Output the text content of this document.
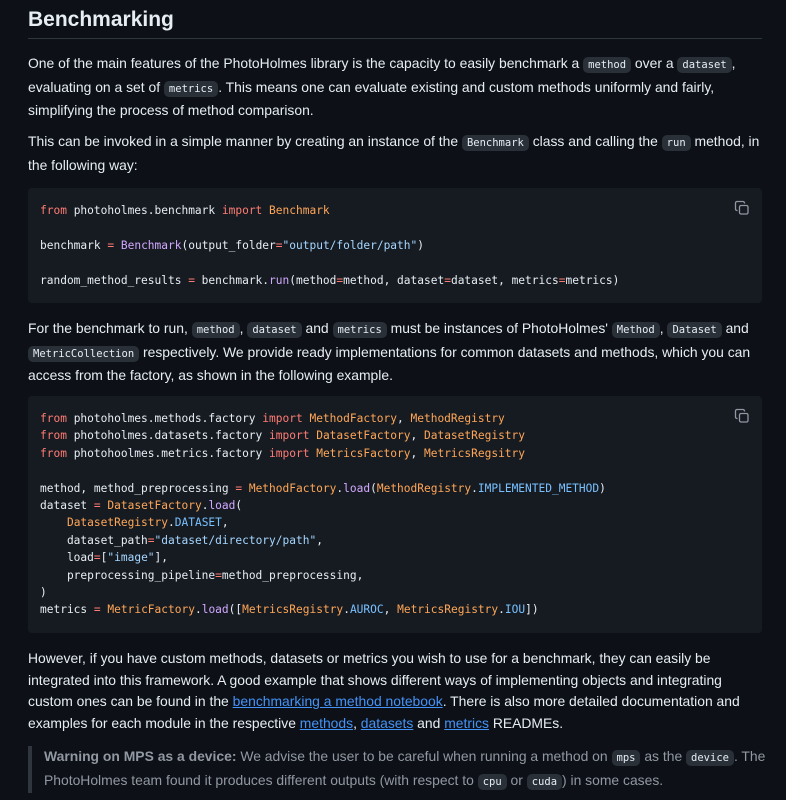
Benchmarking

One of the main features of the PhotoHolmes library is the capacity to easily benchmark a method over a dataset , evaluating on a set of metrics . This means one can evaluate existing and custom methods uniformly and fairly, simplifying the process of method comparison.

This can be invoked in a simple manner by creating an instance of the Benchmark class and calling the run method, in the following way:

from photoholmes.benchmark import Benchmark

benchmark = Benchmark(output_folder="output/folder/path")

random_method_results = benchmark.run(method=method, dataset=dataset, metrics=metrics)

For the benchmark to run, method , dataset and metrics must be instances of PhotoHolmes' Method , Dataset and MetricCollection respectively. We provide ready implementations for common datasets and methods, which you can access from the factory, as shown in the following example.

from photoholmes.methods.factory import MethodFactory, MethodRegistry
from photoholmes.datasets.factory import DatasetFactory, DatasetRegistry
from photohoolmes.metrics.factory import MetricsFactory, MetricsRegsitry

method, method_preprocessing = MethodFactory.load(MethodRegistry.IMPLEMENTED_METHOD)
dataset = DatasetFactory.load(
DatasetRegistry.DATASET,
dataset_path="dataset/directory/path",
load=["image"],
preprocessing_pipeline=method_preprocessing,
)
metrics = MetricFactory.load([MetricsRegistry.AUROC, MetricsRegistry.IOU])

However, if you have custom methods, datasets or metrics you wish to use for a benchmark, they can easily be integrated into this framework. A good example that shows different ways of implementing objects and integrating custom ones can be found in the benchmarking a method notebook. There is also more detailed documentation and examples for each module in the respective methods, datasets and metrics READMEs.

Warning on MPS as a device: We advise the user to be careful when running a method on mps as the device . The PhotoHolmes team found it produces different outputs (with respect to cpu or cuda ) in some cases.
